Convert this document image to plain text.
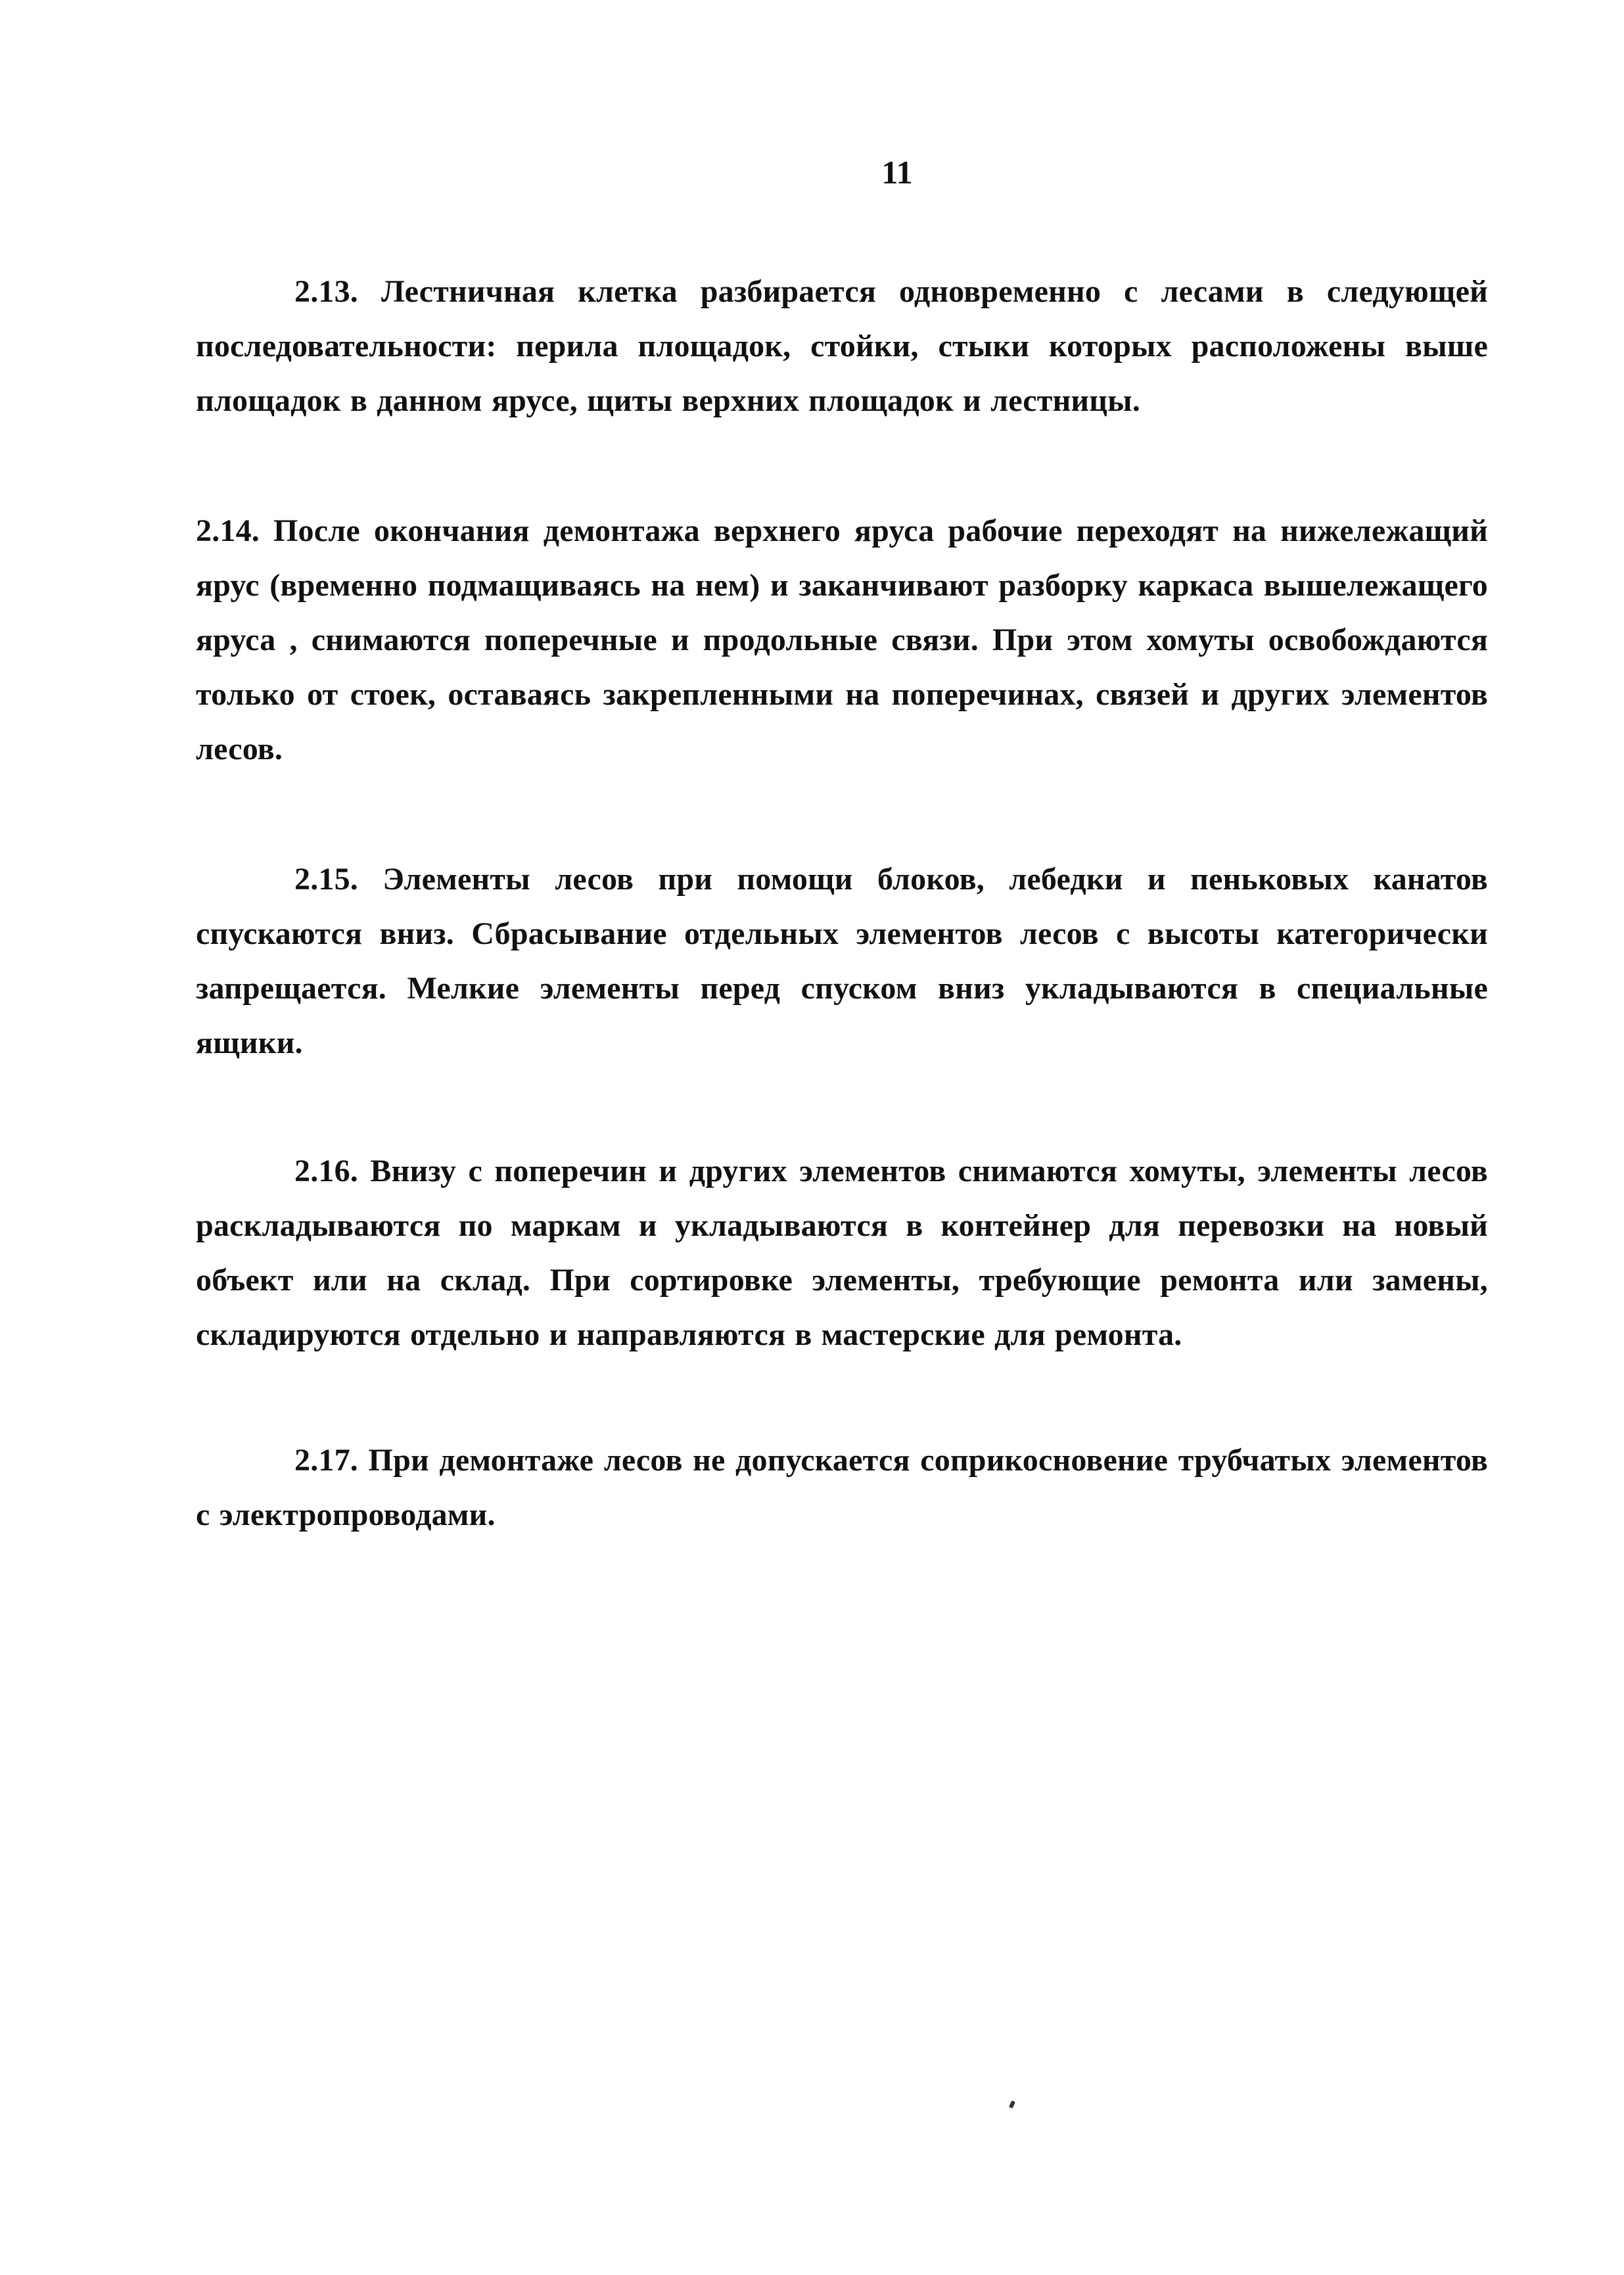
11

2.13. Лестничная клетка разбирается одновременно с лесами в следующей последовательности: перила площадок, стойки, стыки которых расположены выше площадок в данном ярусе, щиты верхних площадок и лестницы.

2.14. После окончания демонтажа верхнего яруса рабочие переходят на нижележащий ярус (временно подмащиваясь на нем) и заканчивают разборку каркаса вышележащего яруса , снимаются поперечные и продольные связи. При этом хомуты освобождаются только от стоек, оставаясь закрепленными на поперечинах, связей и других элементов лесов.

2.15. Элементы лесов при помощи блоков, лебедки и пеньковых канатов спускаются вниз. Сбрасывание отдельных элементов лесов с высоты категорически запрещается. Мелкие элементы перед спуском вниз укладываются в специальные ящики.

2.16. Внизу с поперечин и других элементов снимаются хомуты, элементы лесов раскладываются по маркам и укладываются в контейнер для перевозки на новый объект или на склад. При сортировке элементы, требующие ремонта или замены, складируются отдельно и направляются в мастерские для ремонта.

2.17. При демонтаже лесов не допускается соприкосновение трубчатых элементов с электропроводами.
